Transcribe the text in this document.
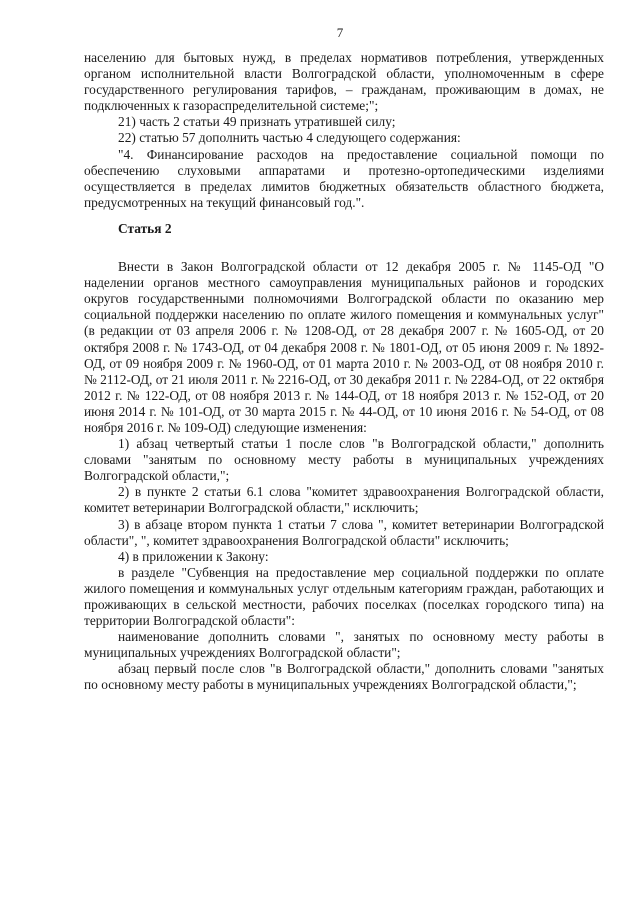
7

населению для бытовых нужд, в пределах нормативов потребления, утвержденных органом исполнительной власти Волгоградской области, уполномоченным в сфере государственного регулирования тарифов, – гражданам, проживающим в домах, не подключенных к газораспределительной системе;";

21) часть 2 статьи 49 признать утратившей силу;

22) статью 57 дополнить частью 4 следующего содержания:

"4. Финансирование расходов на предоставление социальной помощи по обеспечению слуховыми аппаратами и протезно-ортопедическими изделиями осуществляется в пределах лимитов бюджетных обязательств областного бюджета, предусмотренных на текущий финансовый год.".

Статья 2

Внести в Закон Волгоградской области от 12 декабря 2005 г. № 1145-ОД "О наделении органов местного самоуправления муниципальных районов и городских округов государственными полномочиями Волгоградской области по оказанию мер социальной поддержки населению по оплате жилого помещения и коммунальных услуг" (в редакции от 03 апреля 2006 г. № 1208-ОД, от 28 декабря 2007 г. № 1605-ОД, от 20 октября 2008 г. № 1743-ОД, от 04 декабря 2008 г. № 1801-ОД, от 05 июня 2009 г. № 1892-ОД, от 09 ноября 2009 г. № 1960-ОД, от 01 марта 2010 г. № 2003-ОД, от 08 ноября 2010 г. № 2112-ОД, от 21 июля 2011 г. № 2216-ОД, от 30 декабря 2011 г. № 2284-ОД, от 22 октября 2012 г. № 122-ОД, от 08 ноября 2013 г. № 144-ОД, от 18 ноября 2013 г. № 152-ОД, от 20 июня 2014 г. № 101-ОД, от 30 марта 2015 г. № 44-ОД, от 10 июня 2016 г. № 54-ОД, от 08 ноября 2016 г. № 109-ОД) следующие изменения:

1) абзац четвертый статьи 1 после слов "в Волгоградской области," дополнить словами "занятым по основному месту работы в муниципальных учреждениях Волгоградской области,";

2) в пункте 2 статьи 6.1 слова "комитет здравоохранения Волгоградской области, комитет ветеринарии Волгоградской области," исключить;

3) в абзаце втором пункта 1 статьи 7 слова ", комитет ветеринарии Волгоградской области", ", комитет здравоохранения Волгоградской области" исключить;

4) в приложении к Закону:

в разделе "Субвенция на предоставление мер социальной поддержки по оплате жилого помещения и коммунальных услуг отдельным категориям граждан, работающих и проживающих в сельской местности, рабочих поселках (поселках городского типа) на территории Волгоградской области":

наименование дополнить словами ", занятых по основному месту работы в муниципальных учреждениях Волгоградской области";

абзац первый после слов "в Волгоградской области," дополнить словами "занятых по основному месту работы в муниципальных учреждениях Волгоградской области,";
